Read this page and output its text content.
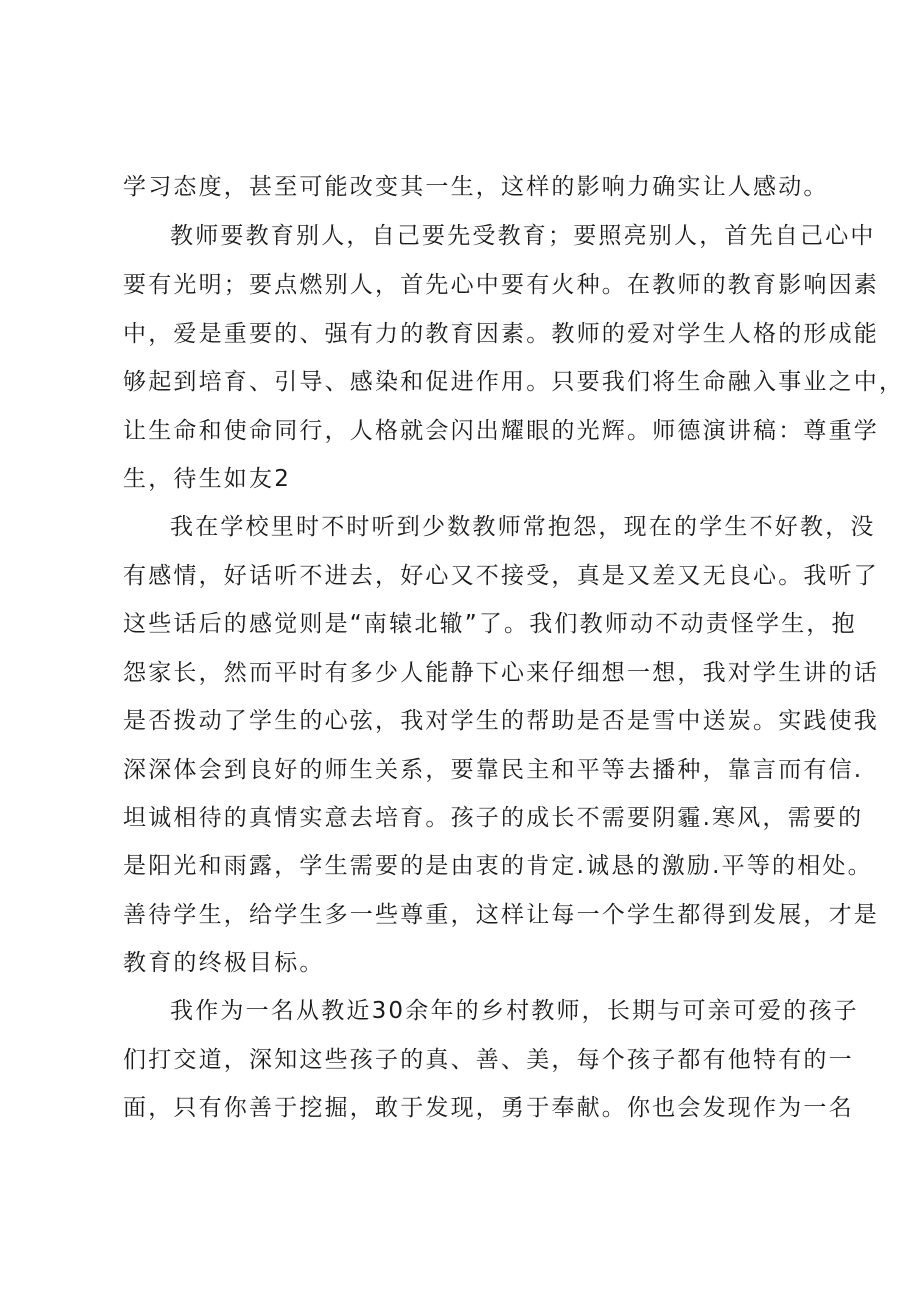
学习态度，甚至可能改变其一生，这样的影响力确实让人感动。

教师要教育别人，自己要先受教育；要照亮别人，首先自己心中

要有光明；要点燃别人，首先心中要有火种。在教师的教育影响因素

中，爱是重要的、强有力的教育因素。教师的爱对学生人格的形成能

够起到培育、引导、感染和促进作用。只要我们将生命融入事业之中，

让生命和使命同行，人格就会闪出耀眼的光辉。师德演讲稿：尊重学

生，待生如友2

我在学校里时不时听到少数教师常抱怨，现在的学生不好教，没

有感情，好话听不进去，好心又不接受，真是又差又无良心。我听了

这些话后的感觉则是“南辕北辙”了。我们教师动不动责怪学生，抱

怨家长，然而平时有多少人能静下心来仔细想一想，我对学生讲的话

是否拨动了学生的心弦，我对学生的帮助是否是雪中送炭。实践使我

深深体会到良好的师生关系，要靠民主和平等去播种，靠言而有信.

坦诚相待的真情实意去培育。孩子的成长不需要阴霾.寒风，需要的

是阳光和雨露，学生需要的是由衷的肯定.诚恳的激励.平等的相处。

善待学生，给学生多一些尊重，这样让每一个学生都得到发展，才是

教育的终极目标。

我作为一名从教近30余年的乡村教师，长期与可亲可爱的孩子

们打交道，深知这些孩子的真、善、美，每个孩子都有他特有的一

面，只有你善于挖掘，敢于发现，勇于奉献。你也会发现作为一名
